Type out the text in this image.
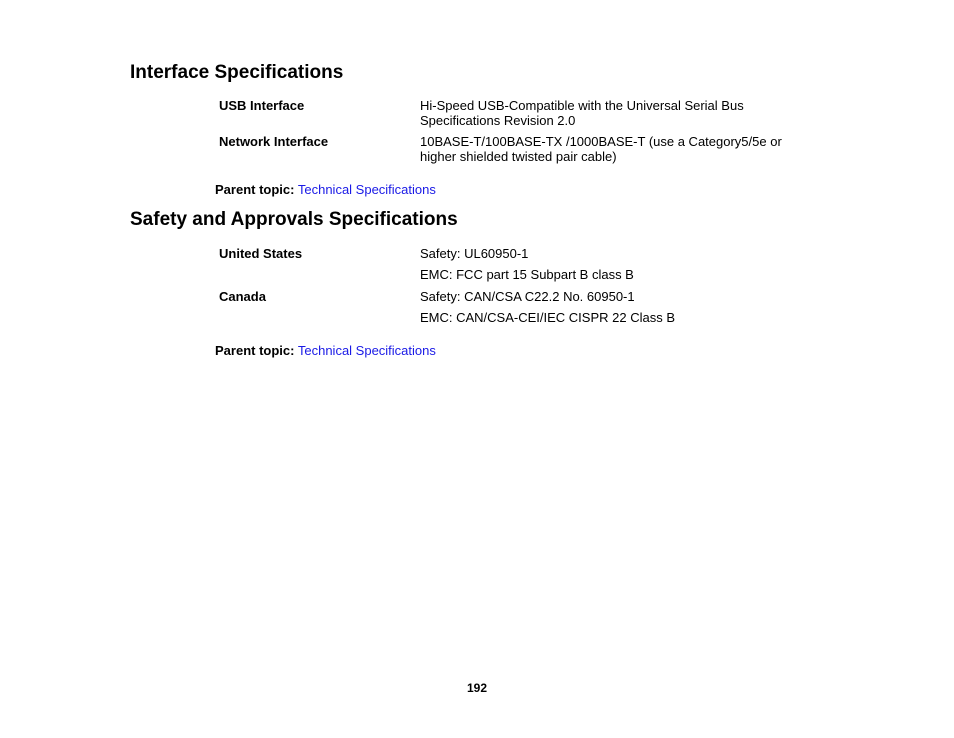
Interface Specifications
USB Interface	Hi-Speed USB-Compatible with the Universal Serial Bus Specifications Revision 2.0
Network Interface	10BASE-T/100BASE-TX /1000BASE-T (use a Category5/5e or higher shielded twisted pair cable)
Parent topic: Technical Specifications
Safety and Approvals Specifications
United States	Safety: UL60950-1
EMC: FCC part 15 Subpart B class B
Canada	Safety: CAN/CSA C22.2 No. 60950-1
EMC: CAN/CSA-CEI/IEC CISPR 22 Class B
Parent topic: Technical Specifications
192
